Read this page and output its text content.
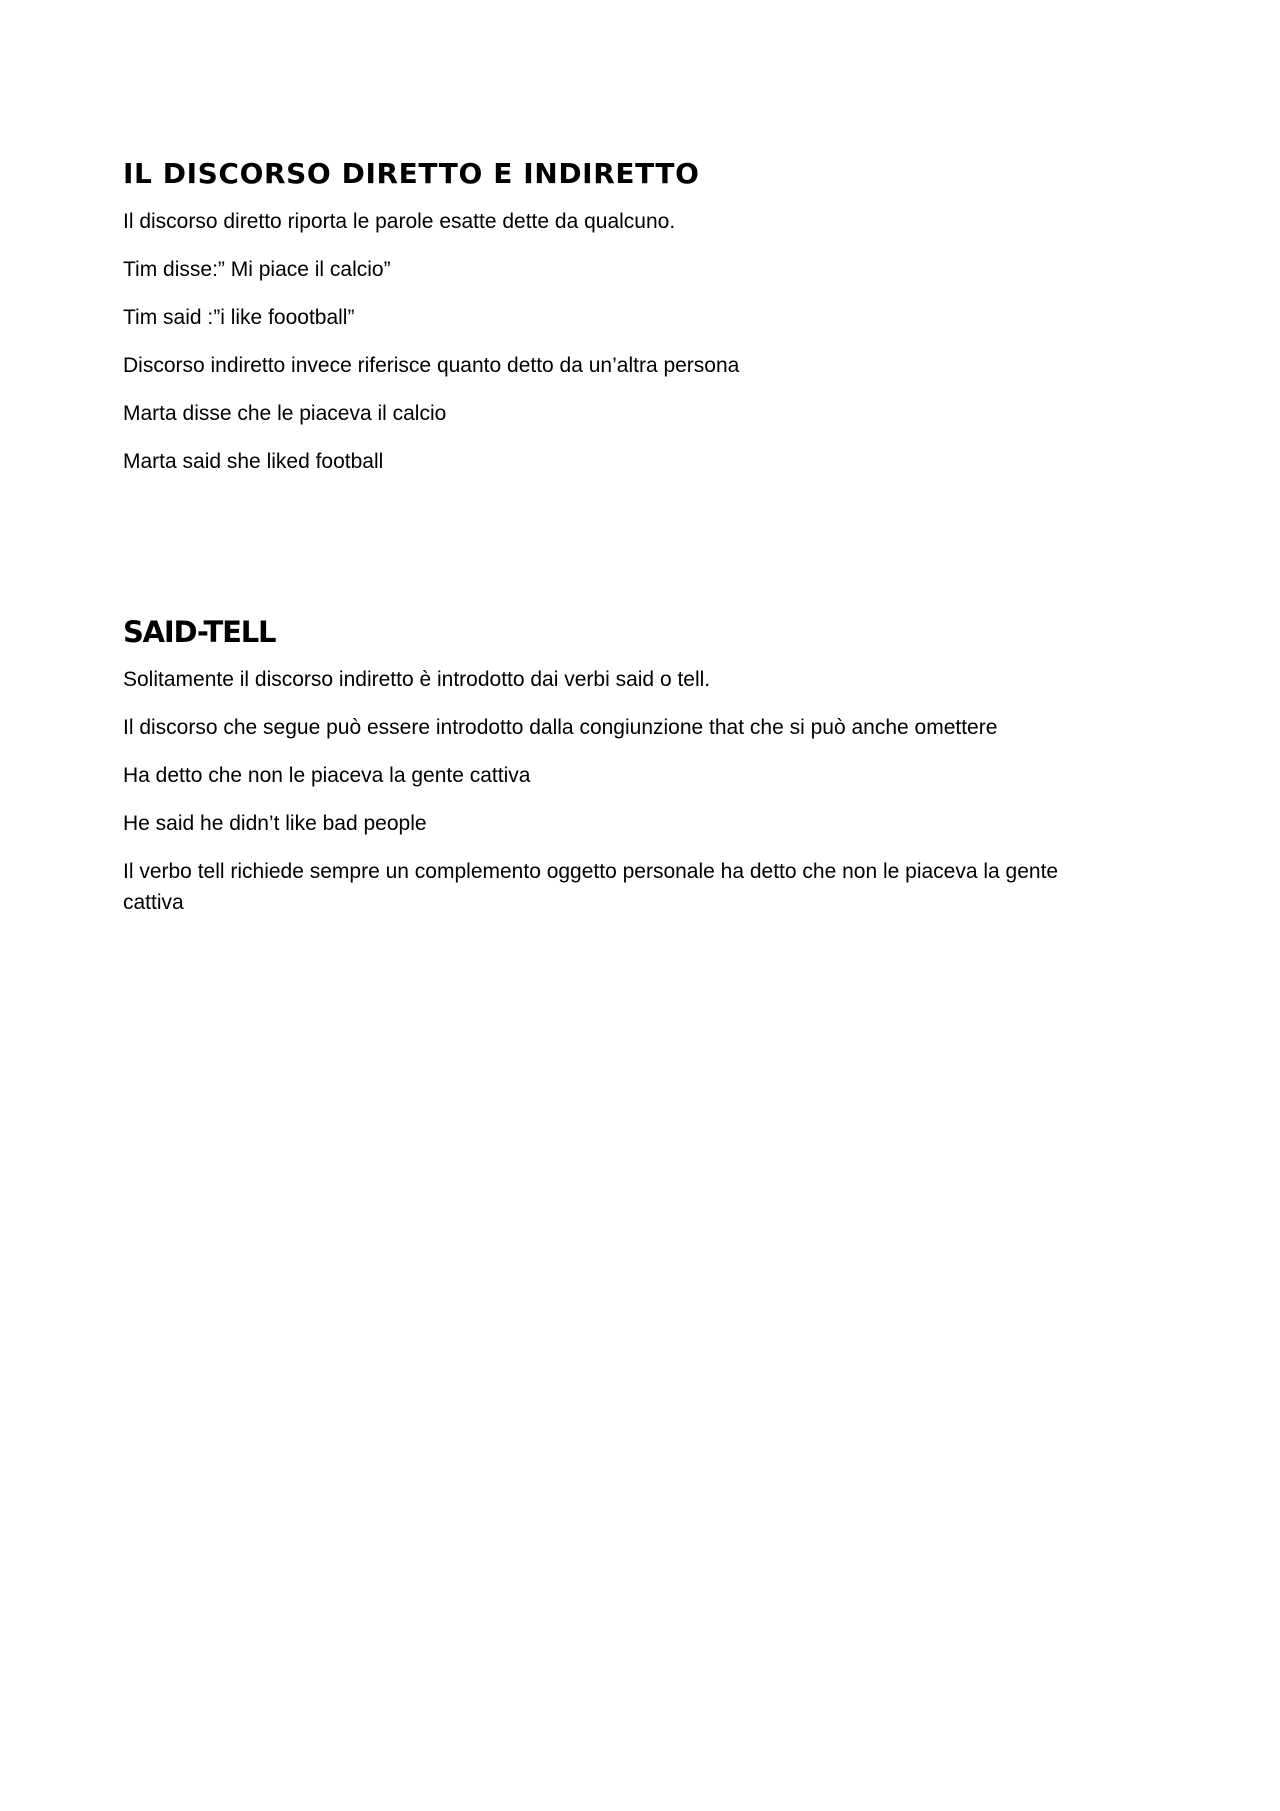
IL DISCORSO DIRETTO E INDIRETTO

Il discorso diretto riporta le parole esatte dette da qualcuno.

Tim disse:” Mi piace il calcio”

Tim said :”i like foootball”

Discorso indiretto invece riferisce quanto detto da un’altra persona

Marta disse che le piaceva il calcio

Marta said she liked football

SAID-TELL

Solitamente il discorso indiretto è introdotto dai verbi said o tell.

Il discorso che segue può essere introdotto dalla congiunzione that che si può anche omettere

Ha detto che non le piaceva la gente cattiva

He said he didn’t like bad people

Il verbo tell richiede sempre un complemento oggetto personale ha detto che non le piaceva la gente cattiva
